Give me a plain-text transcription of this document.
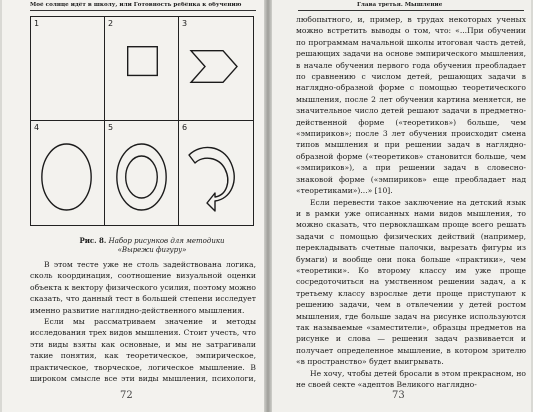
Моё солнце идёт в школу, или Готовность ребёнка к обучению
1	2	3
4	5	6
Рис. 8. Набор рисунков для методики
«Вырежи фигуру»

В этом тесте уже не столь задействована логика, сколь координация, соотношение визуальной оценки объекта к вектору физического усилия, поэтому можно сказать, что данный тест в большей степени исследует именно развитие наглядно-действенного мышления.

Если мы рассматриваем значение и методы исследования трех видов мышления. Стоит учесть, что эти виды взяты как основные, и мы не затрагивали такие понятия, как теоретическое, эмпирическое, практическое, творческое, логическое мышление. В широком смысле все эти виды мышления, психологи,

72
Глава третья. Мышление

любопытного, и, пример, в трудах некоторых ученых можно встретить выводы о том, что: «...При обучении по программам начальной школы итоговая часть детей, решающих задачи на основе эмпирического мышления, в начале обучения первого года обучения преобладает по сравнению с числом детей, решающих задачи в наглядно-образной форме с помощью теоретического мышления, после 2 лет обучения картина меняется, не значительное число детей решают задачи в предметно-действенной форме («теоретиков») больше, чем «эмпириков»; после 3 лет обучения происходит смена типов мышления и при решении задач в наглядно-образной форме («теоретиков» становится больше, чем «эмпириков»), а при решении задач в словесно-знаковой форме («эмпириков» еще преобладает над «теоретиками»)...» [10].

Если перевести такое заключение на детский язык и в рамки уже описанных нами видов мышления, то можно сказать, что первоклашкам проще всего решать задачи с помощью физических действий (например, перекладывать счетные палочки, вырезать фигуры из бумаги) и вообще они пока больше «практики», чем «теоретики». Ко второму классу им уже проще сосредоточиться на умственном решении задач, а к третьему классу взрослые дети проще приступают к решению задачи, чем в отвлечении у детей ростом мышления, где больше задач на рисунке используются так называемые «заместители», образцы предметов на рисунке и слова — решения задач развивается и получает определенное мышление, в котором зрителю «в пространство» будет выигрывать.

Не хочу, чтобы детей бросали в этом прекрасном, но не своей секте «адептов Великого наглядно-

73
